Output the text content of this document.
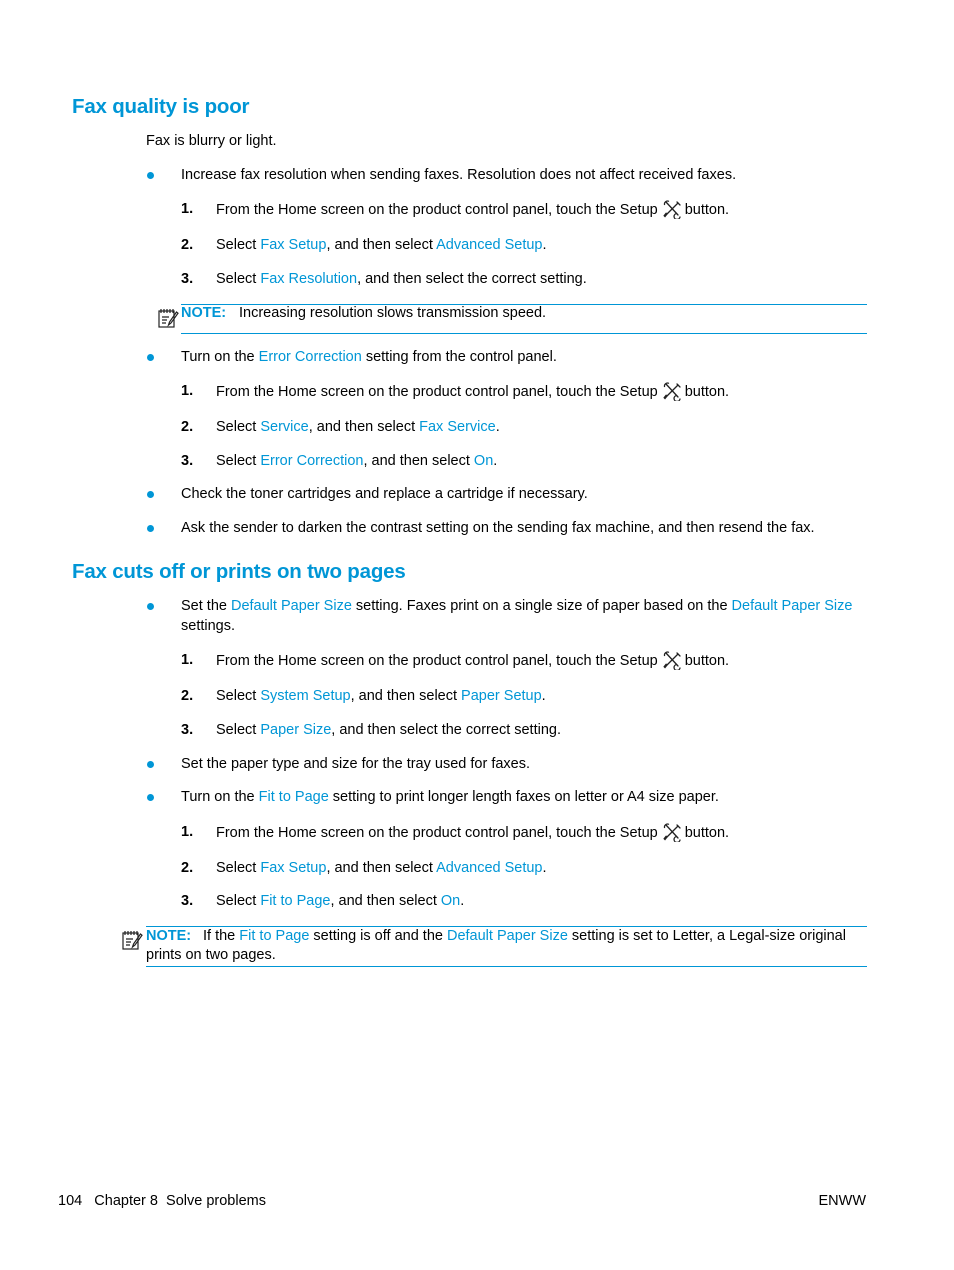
Fax quality is poor
Fax is blurry or light.
Increase fax resolution when sending faxes. Resolution does not affect received faxes.
1. From the Home screen on the product control panel, touch the Setup button.
2. Select Fax Setup, and then select Advanced Setup.
3. Select Fax Resolution, and then select the correct setting.
NOTE: Increasing resolution slows transmission speed.
Turn on the Error Correction setting from the control panel.
1. From the Home screen on the product control panel, touch the Setup button.
2. Select Service, and then select Fax Service.
3. Select Error Correction, and then select On.
Check the toner cartridges and replace a cartridge if necessary.
Ask the sender to darken the contrast setting on the sending fax machine, and then resend the fax.
Fax cuts off or prints on two pages
Set the Default Paper Size setting. Faxes print on a single size of paper based on the Default Paper Size
settings.
1. From the Home screen on the product control panel, touch the Setup button.
2. Select System Setup, and then select Paper Setup.
3. Select Paper Size, and then select the correct setting.
Set the paper type and size for the tray used for faxes.
Turn on the Fit to Page setting to print longer length faxes on letter or A4 size paper.
1. From the Home screen on the product control panel, touch the Setup button.
2. Select Fax Setup, and then select Advanced Setup.
3. Select Fit to Page, and then select On.
NOTE: If the Fit to Page setting is off and the Default Paper Size setting is set to Letter, a Legal-size original
prints on two pages.
104 Chapter 8 Solve problems	ENWW
